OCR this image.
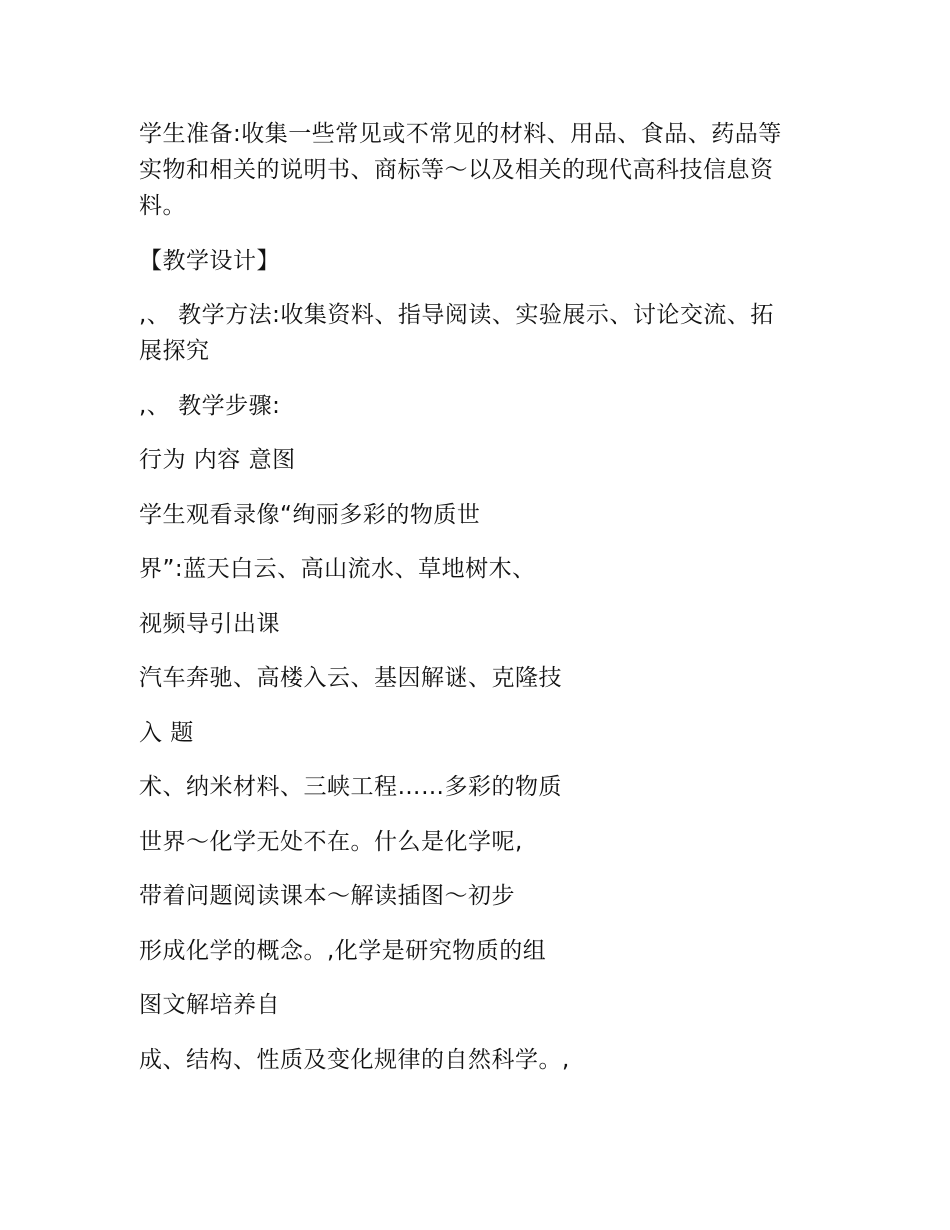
学生准备:收集一些常见或不常见的材料、用品、食品、药品等
实物和相关的说明书、商标等～以及相关的现代高科技信息资
料。

【教学设计】

,、 教学方法:收集资料、指导阅读、实验展示、讨论交流、拓
展探究

,、 教学步骤:

行为 内容 意图

学生观看录像“绚丽多彩的物质世

界”:蓝天白云、高山流水、草地树木、

视频导引出课

汽车奔驰、高楼入云、基因解谜、克隆技

入 题

术、纳米材料、三峡工程……多彩的物质

世界～化学无处不在。什么是化学呢,

带着问题阅读课本～解读插图～初步

形成化学的概念。,化学是研究物质的组

图文解培养自

成、结构、性质及变化规律的自然科学。,
